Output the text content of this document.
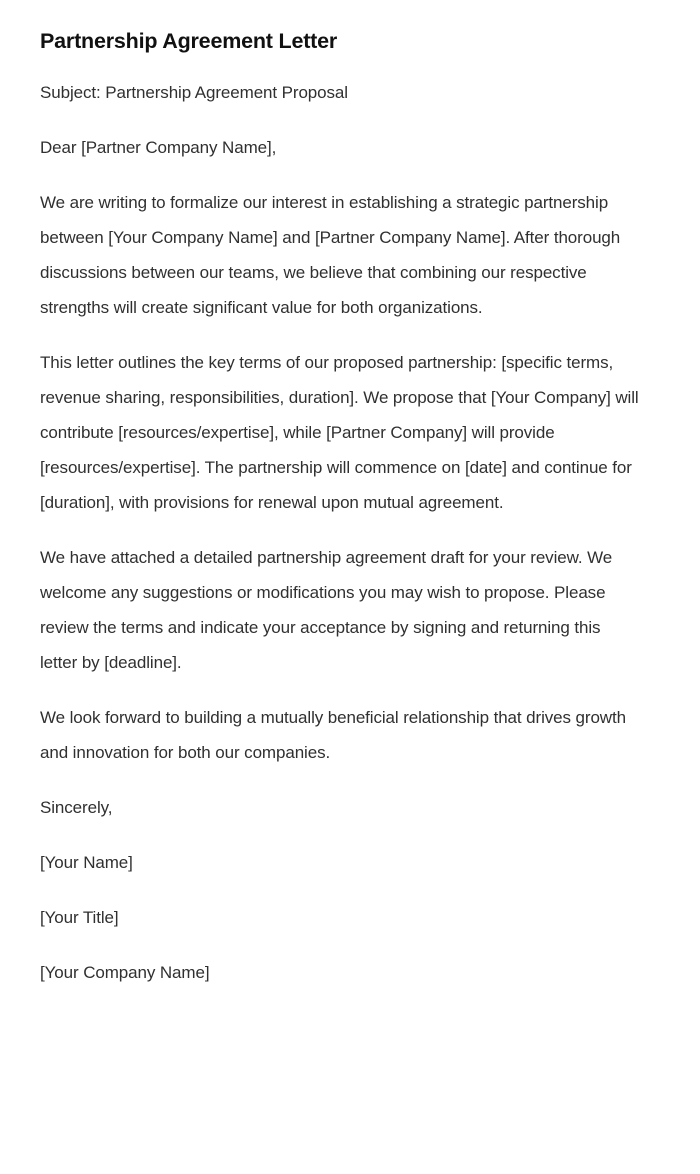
Partnership Agreement Letter

Subject: Partnership Agreement Proposal

Dear [Partner Company Name],

We are writing to formalize our interest in establishing a strategic partnership between [Your Company Name] and [Partner Company Name]. After thorough discussions between our teams, we believe that combining our respective strengths will create significant value for both organizations.

This letter outlines the key terms of our proposed partnership: [specific terms, revenue sharing, responsibilities, duration]. We propose that [Your Company] will contribute [resources/expertise], while [Partner Company] will provide [resources/expertise]. The partnership will commence on [date] and continue for [duration], with provisions for renewal upon mutual agreement.

We have attached a detailed partnership agreement draft for your review. We welcome any suggestions or modifications you may wish to propose. Please review the terms and indicate your acceptance by signing and returning this letter by [deadline].

We look forward to building a mutually beneficial relationship that drives growth and innovation for both our companies.

Sincerely,

[Your Name]

[Your Title]

[Your Company Name]
